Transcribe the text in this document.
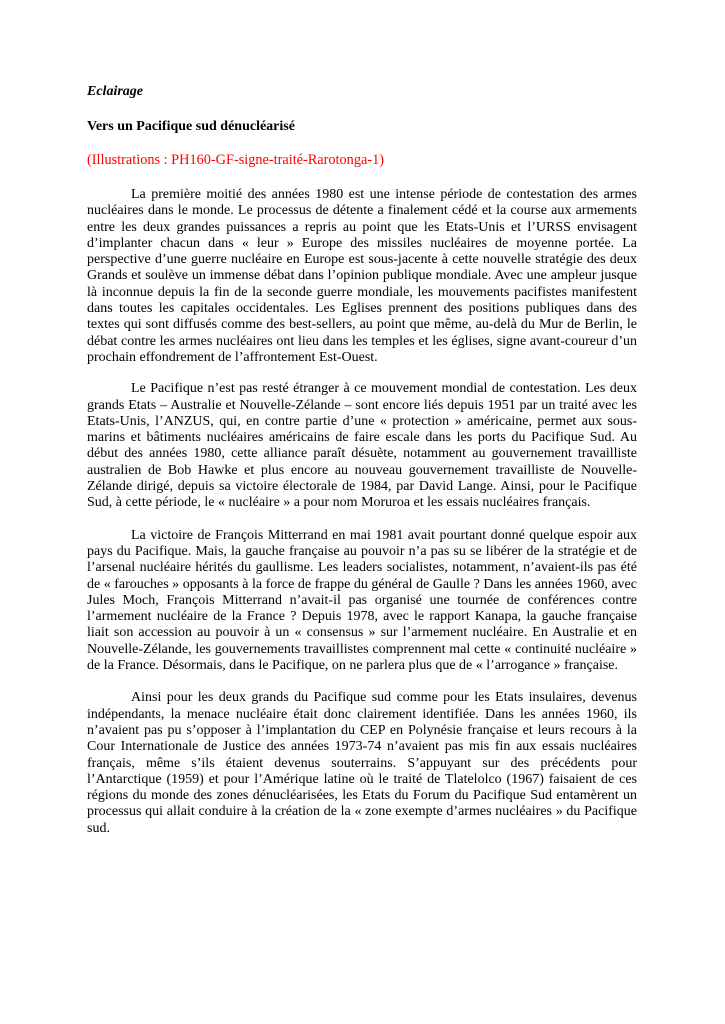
Eclairage

Vers un Pacifique sud dénucléarisé

(Illustrations : PH160-GF-signe-traité-Rarotonga-1)

La première moitié des années 1980 est une intense période de contestation des armes nucléaires dans le monde. Le processus de détente a finalement cédé et la course aux armements entre les deux grandes puissances a repris au point que les Etats-Unis et l’URSS envisagent d’implanter chacun dans « leur » Europe des missiles nucléaires de moyenne portée. La perspective d’une guerre nucléaire en Europe est sous-jacente à cette nouvelle stratégie des deux Grands et soulève un immense débat dans l’opinion publique mondiale. Avec une ampleur jusque là inconnue depuis la fin de la seconde guerre mondiale, les mouvements pacifistes manifestent dans toutes les capitales occidentales. Les Eglises prennent des positions publiques dans des textes qui sont diffusés comme des best-sellers, au point que même, au-delà du Mur de Berlin, le débat contre les armes nucléaires ont lieu dans les temples et les églises, signe avant-coureur d’un prochain effondrement de l’affrontement Est-Ouest.

Le Pacifique n’est pas resté étranger à ce mouvement mondial de contestation. Les deux grands Etats – Australie et Nouvelle-Zélande – sont encore liés depuis 1951 par un traité avec les Etats-Unis, l’ANZUS, qui, en contre partie d’une « protection » américaine, permet aux sous-marins et bâtiments nucléaires américains de faire escale dans les ports du Pacifique Sud. Au début des années 1980, cette alliance paraît désuète, notamment au gouvernement travailliste australien de Bob Hawke et plus encore au nouveau gouvernement travailliste de Nouvelle-Zélande dirigé, depuis sa victoire électorale de 1984, par David Lange. Ainsi, pour le Pacifique Sud, à cette période, le « nucléaire » a pour nom Moruroa et les essais nucléaires français.

La victoire de François Mitterrand en mai 1981 avait pourtant donné quelque espoir aux pays du Pacifique. Mais, la gauche française au pouvoir n’a pas su se libérer de la stratégie et de l’arsenal nucléaire hérités du gaullisme. Les leaders socialistes, notamment, n’avaient-ils pas été de « farouches » opposants à la force de frappe du général de Gaulle ? Dans les années 1960, avec Jules Moch, François Mitterrand n’avait-il pas organisé une tournée de conférences contre l’armement nucléaire de la France ? Depuis 1978, avec le rapport Kanapa, la gauche française liait son accession au pouvoir à un « consensus » sur l’armement nucléaire. En Australie et en Nouvelle-Zélande, les gouvernements travaillistes comprennent mal cette « continuité nucléaire » de la France. Désormais, dans le Pacifique, on ne parlera plus que de « l’arrogance » française.

Ainsi pour les deux grands du Pacifique sud comme pour les Etats insulaires, devenus indépendants, la menace nucléaire était donc clairement identifiée. Dans les années 1960, ils n’avaient pas pu s’opposer à l’implantation du CEP en Polynésie française et leurs recours à la Cour Internationale de Justice des années 1973-74 n’avaient pas mis fin aux essais nucléaires français, même s’ils étaient devenus souterrains. S’appuyant sur des précédents pour l’Antarctique (1959) et pour l’Amérique latine où le traité de Tlatelolco (1967) faisaient de ces régions du monde des zones dénucléarisées, les Etats du Forum du Pacifique Sud entamèrent un processus qui allait conduire à la création de la « zone exempte d’armes nucléaires » du Pacifique sud.
